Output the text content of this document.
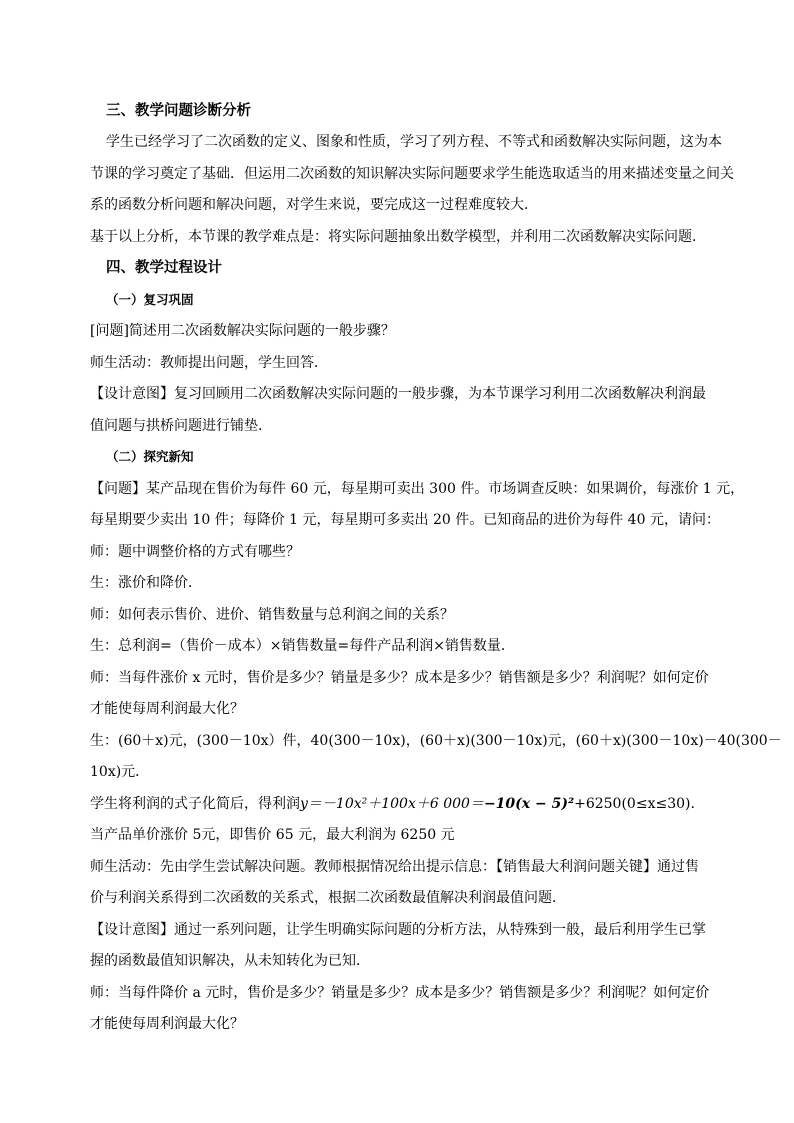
三、教学问题诊断分析
学生已经学习了二次函数的定义、图象和性质，学习了列方程、不等式和函数解决实际问题，这为本
节课的学习奠定了基础．但运用二次函数的知识解决实际问题要求学生能选取适当的用来描述变量之间关
系的函数分析问题和解决问题，对学生来说，要完成这一过程难度较大．
基于以上分析，本节课的教学难点是：将实际问题抽象出数学模型，并利用二次函数解决实际问题．
四、教学过程设计
（一）复习巩固
[问题]简述用二次函数解决实际问题的一般步骤？
师生活动：教师提出问题，学生回答．
【设计意图】复习回顾用二次函数解决实际问题的一般步骤，为本节课学习利用二次函数解决利润最
值问题与拱桥问题进行铺垫．
（二）探究新知
【问题】某产品现在售价为每件 60 元，每星期可卖出 300 件。市场调查反映：如果调价，每涨价 1 元，
每星期要少卖出 10 件；每降价 1 元，每星期可多卖出 20 件。已知商品的进价为每件 40 元，请问：
师：题中调整价格的方式有哪些？
生：涨价和降价．
师：如何表示售价、进价、销售数量与总利润之间的关系？
生：总利润=（售价－成本）×销售数量=每件产品利润×销售数量．
师：当每件涨价 x 元时，售价是多少？销量是多少？成本是多少？销售额是多少？利润呢？如何定价
才能使每周利润最大化？
生：(60＋x)元，(300－10x）件，40(300－10x)，(60＋x)(300－10x)元，(60＋x)(300－10x)－40(300－
10x)元．
学生将利润的式子化简后，得利润y＝－10x²＋100x＋6 000＝−10(x − 5)²+6250(0≤x≤30).
当产品单价涨价 5元，即售价 65 元，最大利润为 6250 元
师生活动：先由学生尝试解决问题。教师根据情况给出提示信息：【销售最大利润问题关键】通过售
价与利润关系得到二次函数的关系式，根据二次函数最值解决利润最值问题．
【设计意图】通过一系列问题，让学生明确实际问题的分析方法，从特殊到一般，最后利用学生已掌
握的函数最值知识解决，从未知转化为已知．
师：当每件降价 a 元时，售价是多少？销量是多少？成本是多少？销售额是多少？利润呢？如何定价
才能使每周利润最大化？
